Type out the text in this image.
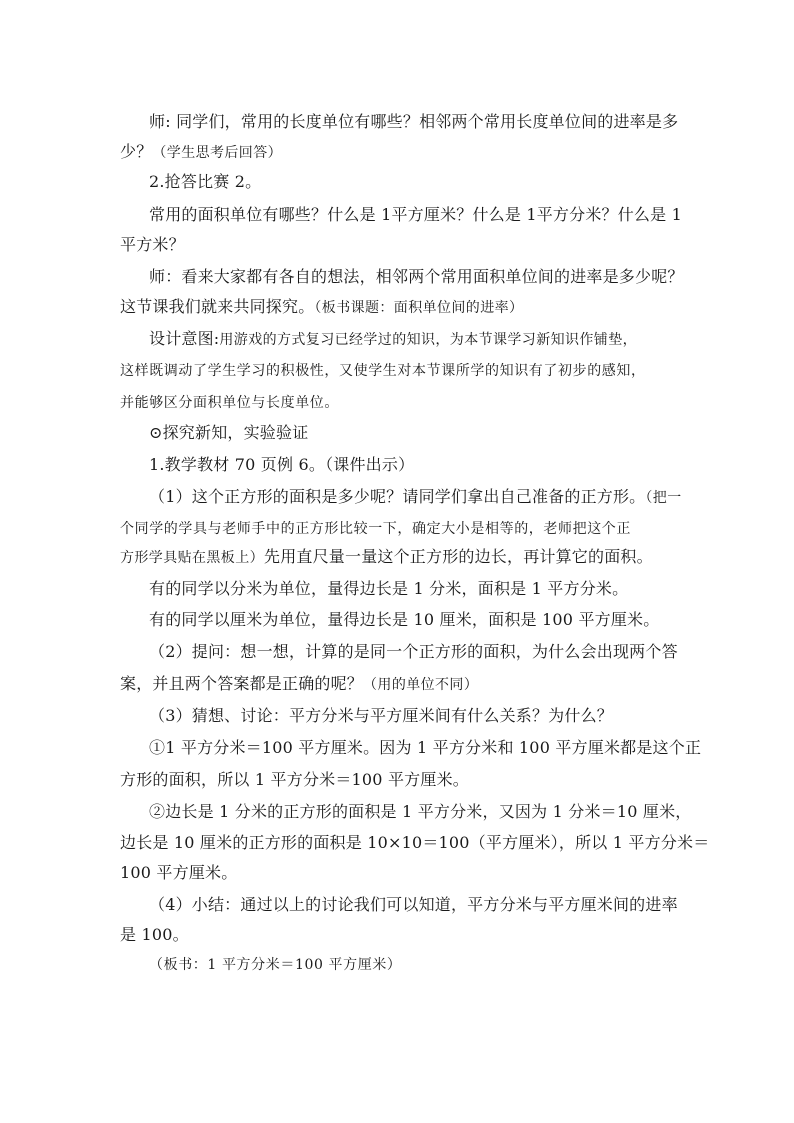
师: 同学们，常用的长度单位有哪些？相邻两个常用长度单位间的进率是多
少？（学生思考后回答）
2.抢答比赛 2。
常用的面积单位有哪些？什么是 1平方厘米？什么是 1平方分米？什么是 1
平方米？
师：看来大家都有各自的想法，相邻两个常用面积单位间的进率是多少呢？
这节课我们就来共同探究。（板书课题：面积单位间的进率）
设计意图:用游戏的方式复习已经学过的知识，为本节课学习新知识作铺垫，
这样既调动了学生学习的积极性，又使学生对本节课所学的知识有了初步的感知，
并能够区分面积单位与长度单位。
⊙探究新知，实验验证
1.教学教材 70 页例 6。（课件出示）
（1）这个正方形的面积是多少呢？请同学们拿出自己准备的正方形。（把一
个同学的学具与老师手中的正方形比较一下，确定大小是相等的，老师把这个正
方形学具贴在黑板上）先用直尺量一量这个正方形的边长，再计算它的面积。
有的同学以分米为单位，量得边长是 1 分米，面积是 1 平方分米。
有的同学以厘米为单位，量得边长是 10 厘米，面积是 100 平方厘米。
（2）提问：想一想，计算的是同一个正方形的面积，为什么会出现两个答
案，并且两个答案都是正确的呢？（用的单位不同）
（3）猜想、讨论：平方分米与平方厘米间有什么关系？为什么？
①1 平方分米＝100 平方厘米。因为 1 平方分米和 100 平方厘米都是这个正
方形的面积，所以 1 平方分米＝100 平方厘米。
②边长是 1 分米的正方形的面积是 1 平方分米，又因为 1 分米＝10 厘米，
边长是 10 厘米的正方形的面积是 10×10＝100（平方厘米），所以 1 平方分米＝
100 平方厘米。
（4）小结：通过以上的讨论我们可以知道，平方分米与平方厘米间的进率
是 100。
（板书：1 平方分米＝100 平方厘米）
